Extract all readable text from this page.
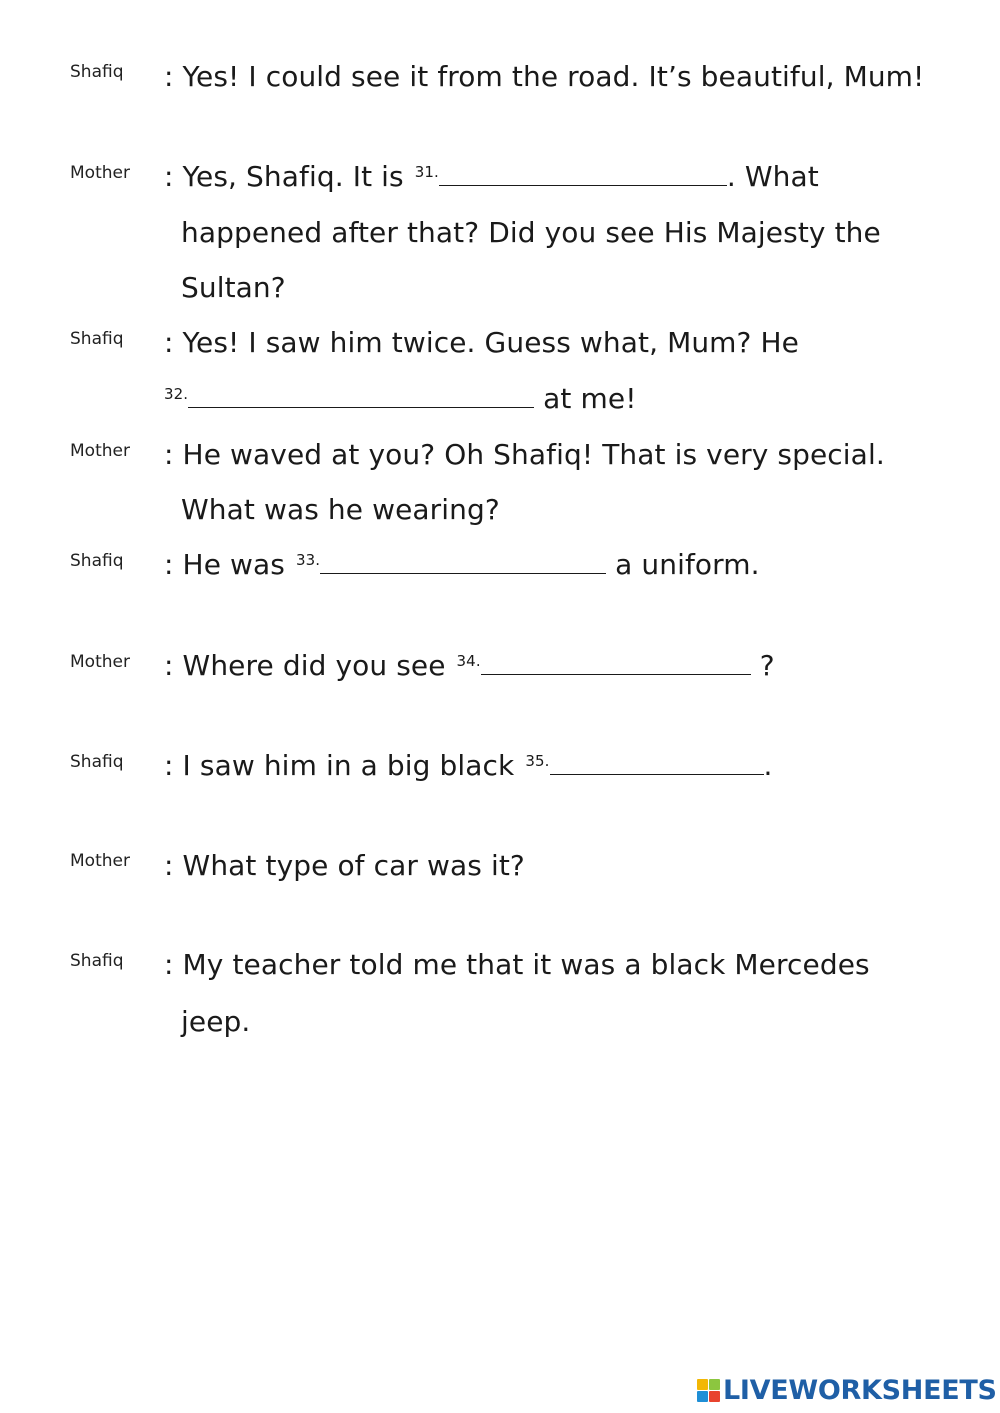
Shafiq : Yes! I could see it from the road. It’s beautiful, Mum!
Mother : Yes, Shafiq. It is $^{31.}$	. What
happened after that? Did you see His Majesty the
Sultan?
Shafiq : Yes! I saw him twice. Guess what, Mum? He
$^{32.}$	at me!
Mother : He waved at you? Oh Shafiq! That is very special.
What was he wearing?
Shafiq : He was $^{33.}$	a uniform.
Mother : Where did you see $^{34.}$	?
Shafiq : I saw him in a big black $^{35.}$	.
Mother : What type of car was it?
Shafiq : My teacher told me that it was a black Mercedes
jeep.
LIVEWORKSHEETS
